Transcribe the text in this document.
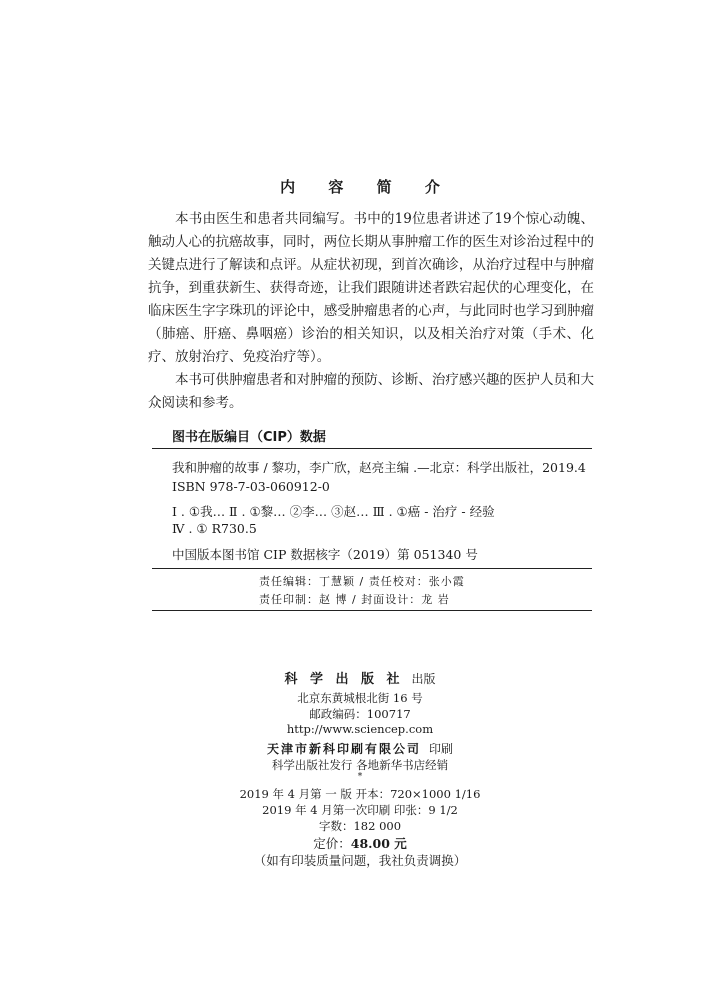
内 容 简 介

本书由医生和患者共同编写。书中的19位患者讲述了19个惊心动魄、触动人心的抗癌故事，同时，两位长期从事肿瘤工作的医生对诊治过程中的关键点进行了解读和点评。从症状初现，到首次确诊，从治疗过程中与肿瘤抗争，到重获新生、获得奇迹，让我们跟随讲述者跌宕起伏的心理变化，在临床医生字字珠玑的评论中，感受肿瘤患者的心声，与此同时也学习到肿瘤（肺癌、肝癌、鼻咽癌）诊治的相关知识，以及相关治疗对策（手术、化疗、放射治疗、免疫治疗等）。

本书可供肿瘤患者和对肿瘤的预防、诊断、治疗感兴趣的医护人员和大众阅读和参考。

图书在版编目（CIP）数据
我和肿瘤的故事 / 黎功，李广欣，赵亮主编 .—北京：科学出版社，2019.4
ISBN 978-7-03-060912-0
Ⅰ . ①我… Ⅱ . ①黎… ②李… ③赵… Ⅲ . ①癌 - 治疗 - 经验
Ⅳ . ① R730.5
中国版本图书馆 CIP 数据核字（2019）第 051340 号
责任编辑：丁慧颖 / 责任校对：张小霞
责任印制：赵 博 / 封面设计：龙 岩
科 学 出 版 社 出版
北京东黄城根北街 16 号
邮政编码：100717
http://www.sciencep.com
天津市新科印刷有限公司 印刷
科学出版社发行 各地新华书店经销
*
2019 年 4 月第 一 版 开本：720×1000 1/16
2019 年 4 月第一次印刷 印张：9 1/2
字数：182 000
定价：48.00 元
（如有印装质量问题，我社负责调换）
